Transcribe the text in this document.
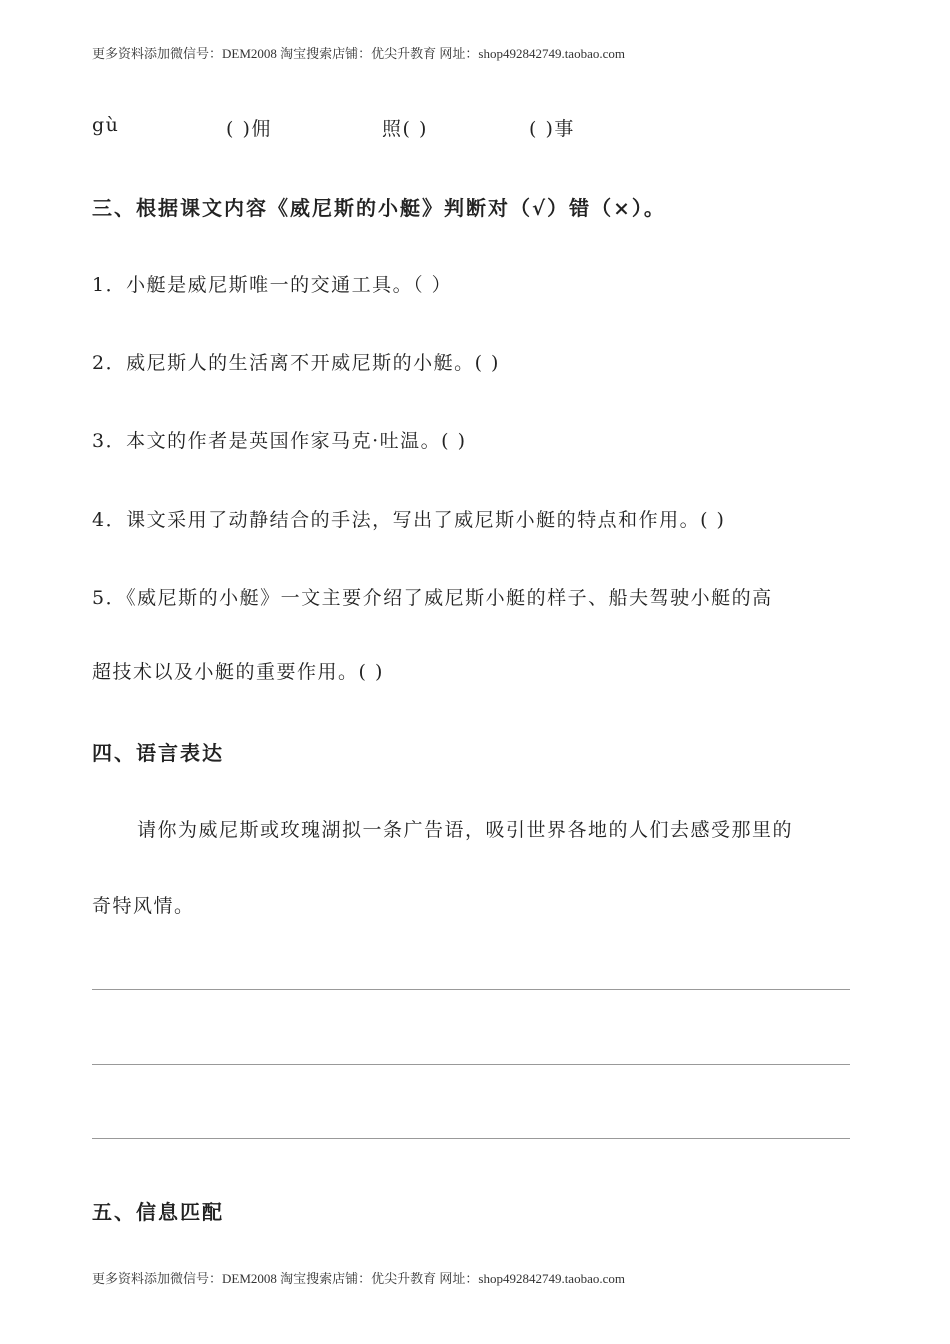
更多资料添加微信号：DEM2008 淘宝搜索店铺：优尖升教育 网址：shop492842749.taobao.com
gù	( )佣	照( )	( )事
三、根据课文内容《威尼斯的小艇》判断对（√）错（×）。
1．小艇是威尼斯唯一的交通工具。（ ）
2．威尼斯人的生活离不开威尼斯的小艇。( )
3．本文的作者是英国作家马克·吐温。( )
4．课文采用了动静结合的手法，写出了威尼斯小艇的特点和作用。( )
5．《威尼斯的小艇》一文主要介绍了威尼斯小艇的样子、船夫驾驶小艇的高
超技术以及小艇的重要作用。( )
四、语言表达
请你为威尼斯或玫瑰湖拟一条广告语，吸引世界各地的人们去感受那里的
奇特风情。
五、信息匹配
更多资料添加微信号：DEM2008 淘宝搜索店铺：优尖升教育 网址：shop492842749.taobao.com
